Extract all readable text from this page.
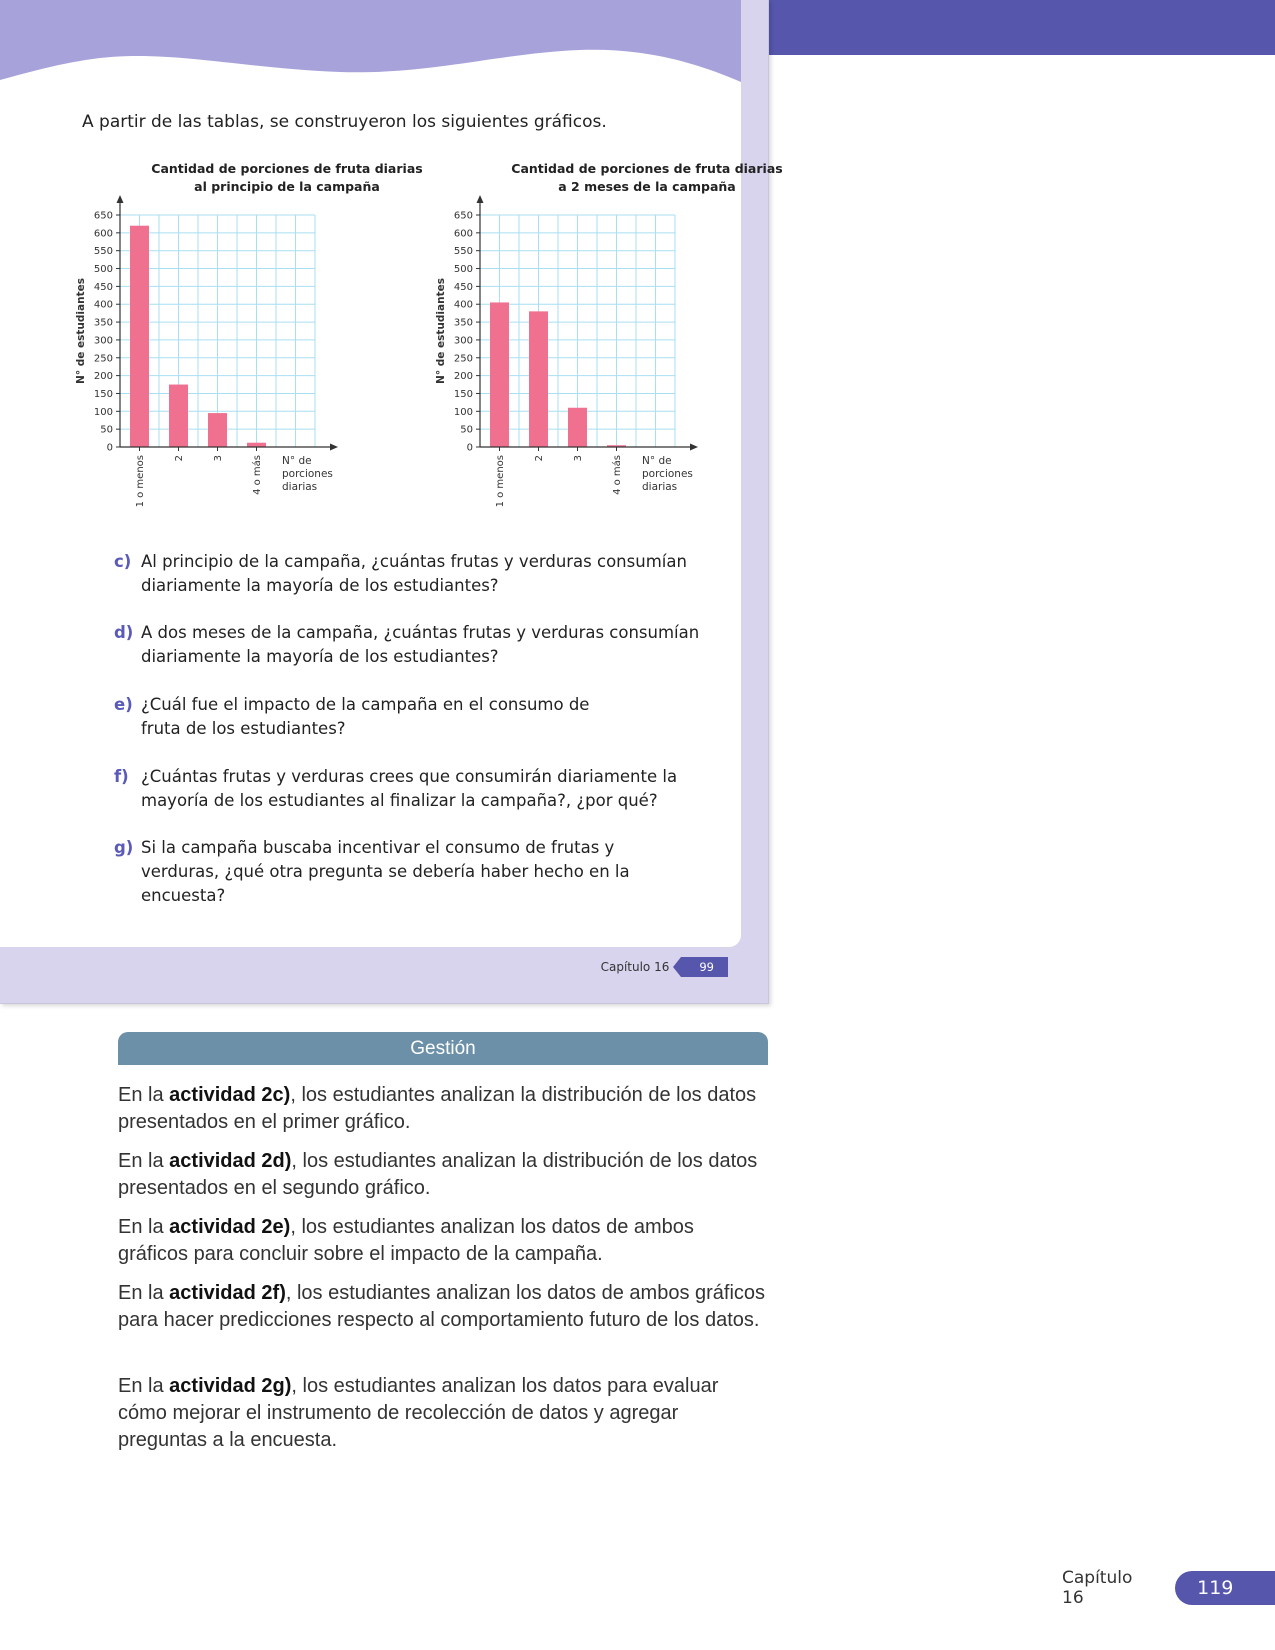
A partir de las tablas, se construyeron los siguientes gráficos.
Cantidad de porciones de fruta diarias
al principio de la campaña
0
50
100
150
200
250
300
350
400
450
500
550
600
650
1 o menos	2	3	4 o más N° de
porciones
diarias
N° de estudiantes
Cantidad de porciones de fruta diarias
a 2 meses de la campaña
0
50
100
150
200
250
300
350
400
450
500
550
600
650
1 o menos	2	3	4 o más N° de
porciones
diarias
N° de estudiantes
c) Al principio de la campaña, ¿cuántas frutas y verduras consumían diariamente la mayoría de los estudiantes?
d) A dos meses de la campaña, ¿cuántas frutas y verduras consumían diariamente la mayoría de los estudiantes?
e) ¿Cuál fue el impacto de la campaña en el consumo de fruta de los estudiantes?
f) ¿Cuántas frutas y verduras crees que consumirán diariamente la mayoría de los estudiantes al finalizar la campaña?, ¿por qué?
g) Si la campaña buscaba incentivar el consumo de frutas y verduras, ¿qué otra pregunta se debería haber hecho en la encuesta?
Capítulo 16	99
Gestión
En la actividad 2c), los estudiantes analizan la distribución de los datos presentados en el primer gráfico.
En la actividad 2d), los estudiantes analizan la distribución de los datos presentados en el segundo gráfico.
En la actividad 2e), los estudiantes analizan los datos de ambos gráficos para concluir sobre el impacto de la campaña.
En la actividad 2f), los estudiantes analizan los datos de ambos gráficos para hacer predicciones respecto al comportamiento futuro de los datos.
En la actividad 2g), los estudiantes analizan los datos para evaluar cómo mejorar el instrumento de recolección de datos y agregar preguntas a la encuesta.
Capítulo 16	119
